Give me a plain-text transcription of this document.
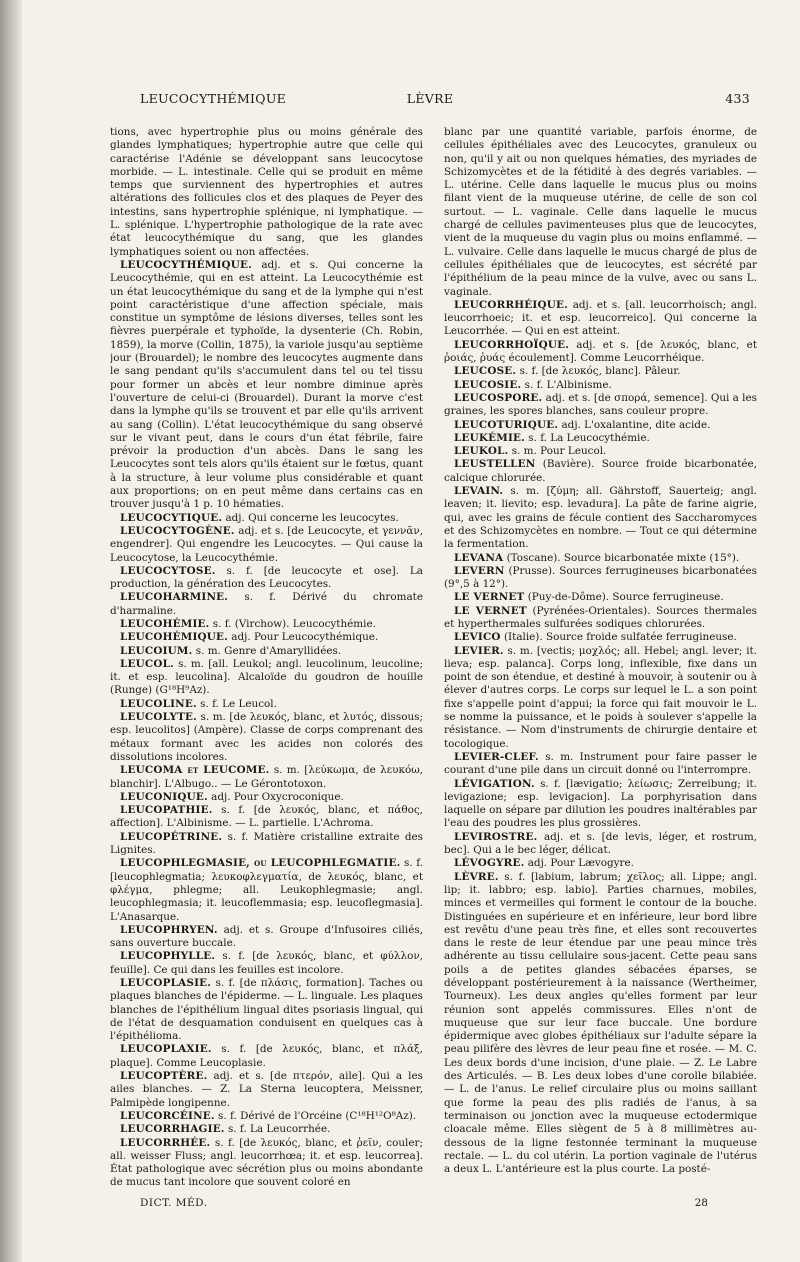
LEUCOCYTHÉMIQUE	LÈVRE	433

tions, avec hypertrophie plus ou moins générale des glandes lymphatiques; hypertrophie autre que celle qui caractérise l'Adénie se développant sans leucocytose morbide. — L. intestinale. Celle qui se produit en même temps que surviennent des hypertrophies et autres altérations des follicules clos et des plaques de Peyer des intestins, sans hypertrophie splénique, ni lymphatique. — L. splénique. L'hypertrophie pathologique de la rate avec état leucocythémique du sang, que les glandes lymphatiques soient ou non affectées.

LEUCOCYTHÉMIQUE. adj. et s. Qui concerne la Leucocythémie, qui en est atteint. La Leucocythémie est un état leucocythémique du sang et de la lymphe qui n'est point caractéristique d'une affection spéciale, mais constitue un symptôme de lésions diverses, telles sont les fièvres puerpérale et typhoïde, la dysenterie (Ch. Robin, 1859), la morve (Collin, 1875), la variole jusqu'au septième jour (Brouardel); le nombre des leucocytes augmente dans le sang pendant qu'ils s'accumulent dans tel ou tel tissu pour former un abcès et leur nombre diminue après l'ouverture de celui-ci (Brouardel). Durant la morve c'est dans la lymphe qu'ils se trouvent et par elle qu'ils arrivent au sang (Collin). L'état leucocythémique du sang observé sur le vivant peut, dans le cours d'un état fébrile, faire prévoir la production d'un abcès. Dans le sang les Leucocytes sont tels alors qu'ils étaient sur le fœtus, quant à la structure, à leur volume plus considérable et quant aux proportions; on en peut même dans certains cas en trouver jusqu'à 1 p. 10 hématies.

LEUCOCYTIQUE. adj. Qui concerne les leucocytes.

LEUCOCYTOGÈNE. adj. et s. [de Leucocyte, et γεννᾶν, engendrer]. Qui engendre les Leucocytes. — Qui cause la Leucocytose, la Leucocythémie.

LEUCOCYTOSE. s. f. [de leucocyte et ose]. La production, la génération des Leucocytes.

LEUCOHARMINE. s. f. Dérivé du chromate d'harmaline.

LEUCOHÉMIE. s. f. (Virchow). Leucocythémie.

LEUCOHÉMIQUE. adj. Pour Leucocythémique.

LEUCOIUM. s. m. Genre d'Amaryllidées.

LEUCOL. s. m. [all. Leukol; angl. leucolinum, leucoline; it. et esp. leucolina]. Alcaloïde du goudron de houille (Runge) (G¹⁸H⁹Az).

LEUCOLINE. s. f. Le Leucol.

LEUCOLYTE. s. m. [de λευκός, blanc, et λυτός, dissous; esp. leucolitos] (Ampère). Classe de corps comprenant des métaux formant avec les acides non colorés des dissolutions incolores.

LEUCOMA et LEUCOME. s. m. [λεύκωμα, de λευκόω, blanchir]. L'Albugo.. — Le Gérontotoxon.

LEUCONIQUE. adj. Pour Oxycroconique.

LEUCOPATHIE. s. f. [de λευκός, blanc, et πάθος, affection]. L'Albinisme. — L. partielle. L'Achroma.

LEUCOPÉTRINE. s. f. Matière cristalline extraite des Lignites.

LEUCOPHLEGMASIE, ou LEUCOPHLEGMATIE. s. f. [leucophlegmatia; λευκοφλεγματία, de λευκός, blanc, et φλέγμα, phlegme; all. Leukophlegmasie; angl. leucophlegmasia; it. leucoflemmasia; esp. leucoflegmasia]. L'Anasarque.

LEUCOPHRYEN. adj. et s. Groupe d'Infusoires ciliés, sans ouverture buccale.

LEUCOPHYLLE. s. f. [de λευκός, blanc, et φύλλον, feuille]. Ce qui dans les feuilles est incolore.

LEUCOPLASIE. s. f. [de πλάσις, formation]. Taches ou plaques blanches de l'épiderme. — L. linguale. Les plaques blanches de l'épithélium lingual dites psoriasis lingual, qui de l'état de desquamation conduisent en quelques cas à l'épithélioma.

LEUCOPLAXIE. s. f. [de λευκός, blanc, et πλάξ, plaque]. Comme Leucoplasie.

LEUCOPTÈRE. adj. et s. [de πτερόν, aile]. Qui a les ailes blanches. — Z. La Sterna leucoptera, Meissner, Palmipède longipenne.

LEUCORCÉINE. s. f. Dérivé de l'Orcéine (C¹⁸H¹²O⁸Az).

LEUCORRHAGIE. s. f. La Leucorrhée.

LEUCORRHÉE. s. f. [de λευκός, blanc, et ῥεῖν, couler; all. weisser Fluss; angl. leucorrhœa; it. et esp. leucorrea]. État pathologique avec sécrétion plus ou moins abondante de mucus tant incolore que souvent coloré en

blanc par une quantité variable, parfois énorme, de cellules épithéliales avec des Leucocytes, granuleux ou non, qu'il y ait ou non quelques hématies, des myriades de Schizomycètes et de la fétidité à des degrés variables. — L. utérine. Celle dans laquelle le mucus plus ou moins filant vient de la muqueuse utérine, de celle de son col surtout. — L. vaginale. Celle dans laquelle le mucus chargé de cellules pavimenteuses plus que de leucocytes, vient de la muqueuse du vagin plus ou moins enflammé. — L. vulvaire. Celle dans laquelle le mucus chargé de plus de cellules épithéliales que de leucocytes, est sécrété par l'épithélium de la peau mince de la vulve, avec ou sans L. vaginale.

LEUCORRHÉIQUE. adj. et s. [all. leucorrhoisch; angl. leucorrhoeic; it. et esp. leucorreico]. Qui concerne la Leucorrhée. — Qui en est atteint.

LEUCORRHOÏQUE. adj. et s. [de λευκός, blanc, et ῥοιάς, ῥυάς écoulement]. Comme Leucorrhéique.

LEUCOSE. s. f. [de λευκός, blanc]. Pâleur.

LEUCOSIE. s. f. L'Albinisme.

LEUCOSPORE. adj. et s. [de σπορά, semence]. Qui a les graines, les spores blanches, sans couleur propre.

LEUCOTURIQUE. adj. L'oxalantine, dite acide.

LEUKÉMIE. s. f. La Leucocythémie.

LEUKOL. s. m. Pour Leucol.

LEUSTELLEN (Bavière). Source froide bicarbonatée, calcique chlorurée.

LEVAIN. s. m. [ζύμη; all. Gährstoff, Sauerteig; angl. leaven; it. lievito; esp. levadura]. La pâte de farine aigrie, qui, avec les grains de fécule contient des Saccharomyces et des Schizomycètes en nombre. — Tout ce qui détermine la fermentation.

LEVANA (Toscane). Source bicarbonatée mixte (15°).

LEVERN (Prusse). Sources ferrugineuses bicarbonatées (9°,5 à 12°).

LE VERNET (Puy-de-Dôme). Source ferrugineuse.

LE VERNET (Pyrénées-Orientales). Sources thermales et hyperthermales sulfurées sodiques chlorurées.

LEVICO (Italie). Source froide sulfatée ferrugineuse.

LEVIER. s. m. [vectis; μοχλός; all. Hebel; angl. lever; it. lieva; esp. palanca]. Corps long, inflexible, fixe dans un point de son étendue, et destiné à mouvoir, à soutenir ou à élever d'autres corps. Le corps sur lequel le L. a son point fixe s'appelle point d'appui; la force qui fait mouvoir le L. se nomme la puissance, et le poids à soulever s'appelle la résistance. — Nom d'instruments de chirurgie dentaire et tocologique.

LEVIER-CLEF. s. m. Instrument pour faire passer le courant d'une pile dans un circuit donné ou l'interrompre.

LÉVIGATION. s. f. [lævigatio; λείωσις; Zerreibung; it. levigazione; esp. levigacion]. La porphyrisation dans laquelle on sépare par dilution les poudres inaltérables par l'eau des poudres les plus grossières.

LEVIROSTRE. adj. et s. [de levis, léger, et rostrum, bec]. Qui a le bec léger, délicat.

LÉVOGYRE. adj. Pour Lævogyre.

LÈVRE. s. f. [labium, labrum; χεῖλος; all. Lippe; angl. lip; it. labbro; esp. labio]. Parties charnues, mobiles, minces et vermeilles qui forment le contour de la bouche. Distinguées en supérieure et en inférieure, leur bord libre est revêtu d'une peau très fine, et elles sont recouvertes dans le reste de leur étendue par une peau mince très adhérente au tissu cellulaire sous-jacent. Cette peau sans poils a de petites glandes sébacées éparses, se développant postérieurement à la naissance (Wertheimer, Tourneux). Les deux angles qu'elles forment par leur réunion sont appelés commissures. Elles n'ont de muqueuse que sur leur face buccale. Une bordure épidermique avec globes épithéliaux sur l'adulte sépare la peau pilifère des lèvres de leur peau fine et rosée. — M. C. Les deux bords d'une incision, d'une plaie. — Z. Le Labre des Articulés. — B. Les deux lobes d'une corolle bilabiée. — L. de l'anus. Le relief circulaire plus ou moins saillant que forme la peau des plis radiés de l'anus, à sa terminaison ou jonction avec la muqueuse ectodermique cloacale même. Elles siègent de 5 à 8 millimètres au-dessous de la ligne festonnée terminant la muqueuse rectale. — L. du col utérin. La portion vaginale de l'utérus a deux L. L'antérieure est la plus courte. La posté-

DICT. MÉD.	28
